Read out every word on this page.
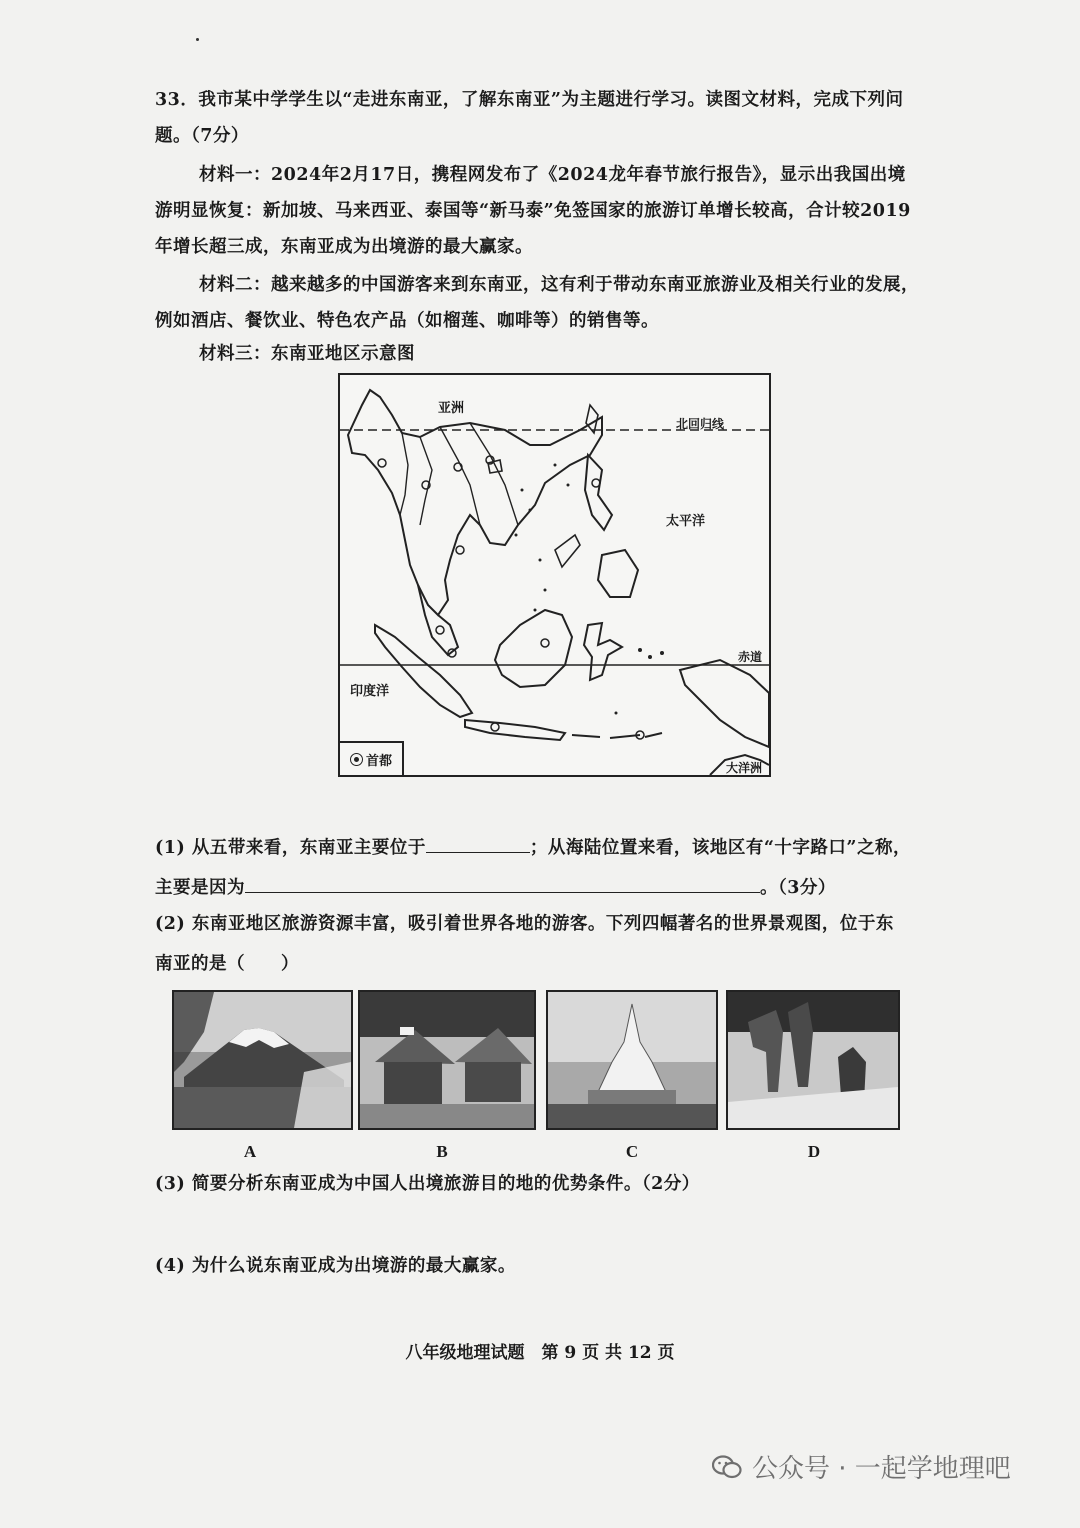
33．我市某中学学生以“走进东南亚，了解东南亚”为主题进行学习。读图文材料，完成下列问
题。（7分）
材料一：2024年2月17日，携程网发布了《2024龙年春节旅行报告》，显示出我国出境
游明显恢复：新加坡、马来西亚、泰国等“新马泰”免签国家的旅游订单增长较高，合计较2019
年增长超三成，东南亚成为出境游的最大赢家。
材料二：越来越多的中国游客来到东南亚，这有利于带动东南亚旅游业及相关行业的发展，
例如酒店、餐饮业、特色农产品（如榴莲、咖啡等）的销售等。
材料三：东南亚地区示意图
亚洲
北回归线
太平洋
赤道
印度洋
大洋洲
首都
(1) 从五带来看，东南亚主要位于	；从海陆位置来看，该地区有“十字路口”之称，
主要是因为	。（3分）
(2) 东南亚地区旅游资源丰富，吸引着世界各地的游客。下列四幅著名的世界景观图，位于东
南亚的是（　　）
A	B	C	D
(3) 简要分析东南亚成为中国人出境旅游目的地的优势条件。（2分）
(4) 为什么说东南亚成为出境游的最大赢家。
八年级地理试题　第 9 页 共 12 页
公众号 · 一起学地理吧
